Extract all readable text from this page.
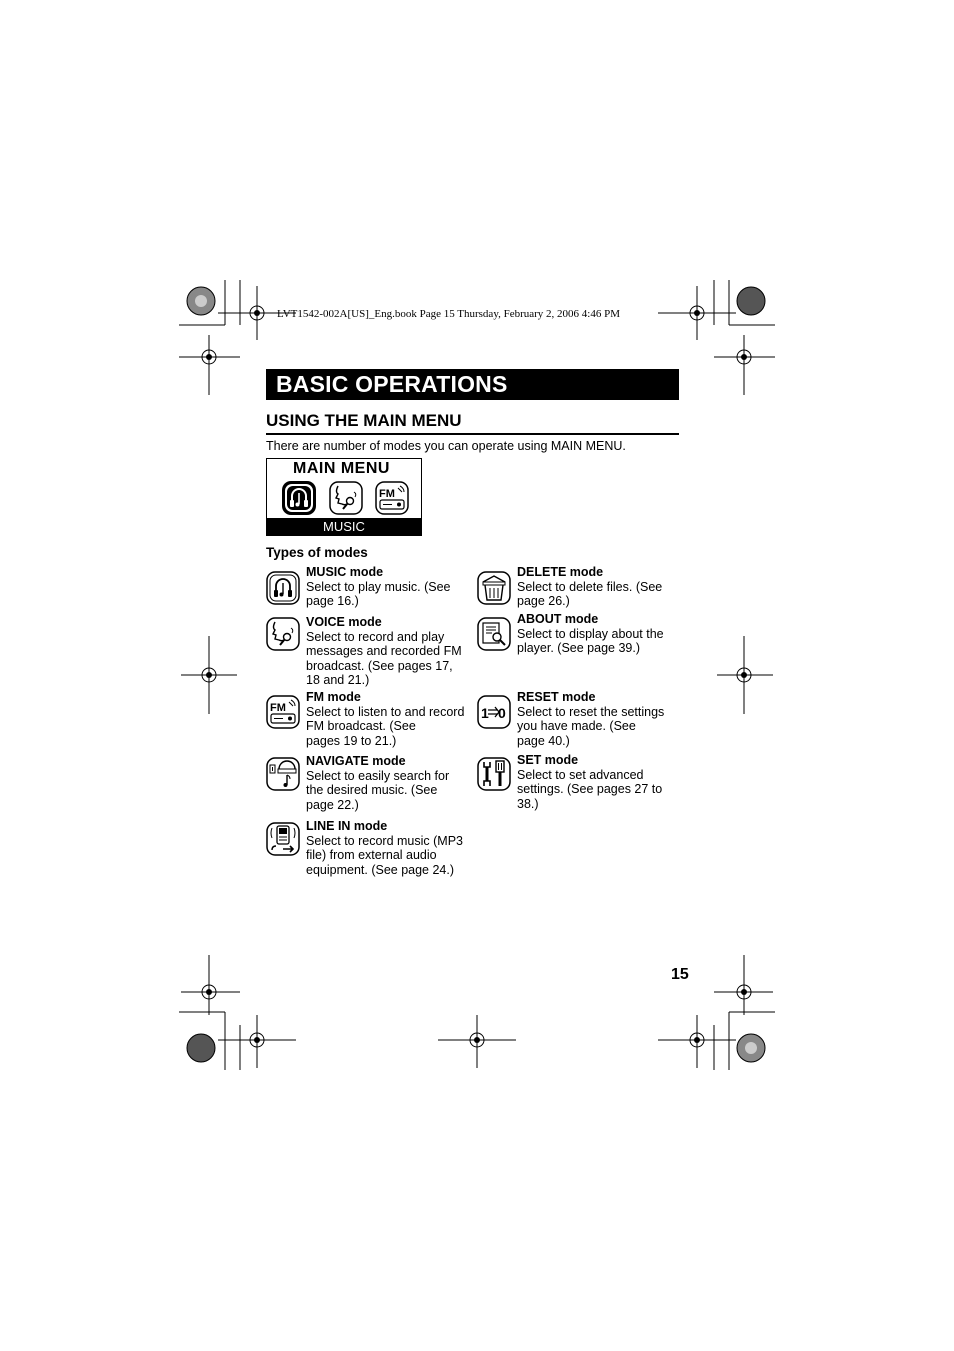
LVT1542-002A[US]_Eng.book Page 15 Thursday, February 2, 2006 4:46 PM
BASIC OPERATIONS
USING THE MAIN MENU
There are number of modes you can operate using MAIN MENU.
MAIN MENU
FM
MUSIC
Types of modes
MUSIC mode
Select to play music. (See
page 16.)
VOICE mode
Select to record and play
messages and recorded FM
broadcast. (See pages 17,
18 and 21.)
FM
FM mode
Select to listen to and record
FM broadcast. (See
pages 19 to 21.)
NAVIGATE mode
Select to easily search for
the desired music. (See
page 22.)
LINE IN mode
Select to record music (MP3
file) from external audio
equipment. (See page 24.)
DELETE mode
Select to delete files. (See
page 26.)
ABOUT mode
Select to display about the
player. (See page 39.)
1 0
RESET mode
Select to reset the settings
you have made. (See
page 40.)
SET mode
Select to set advanced
settings. (See pages 27 to
38.)
15
